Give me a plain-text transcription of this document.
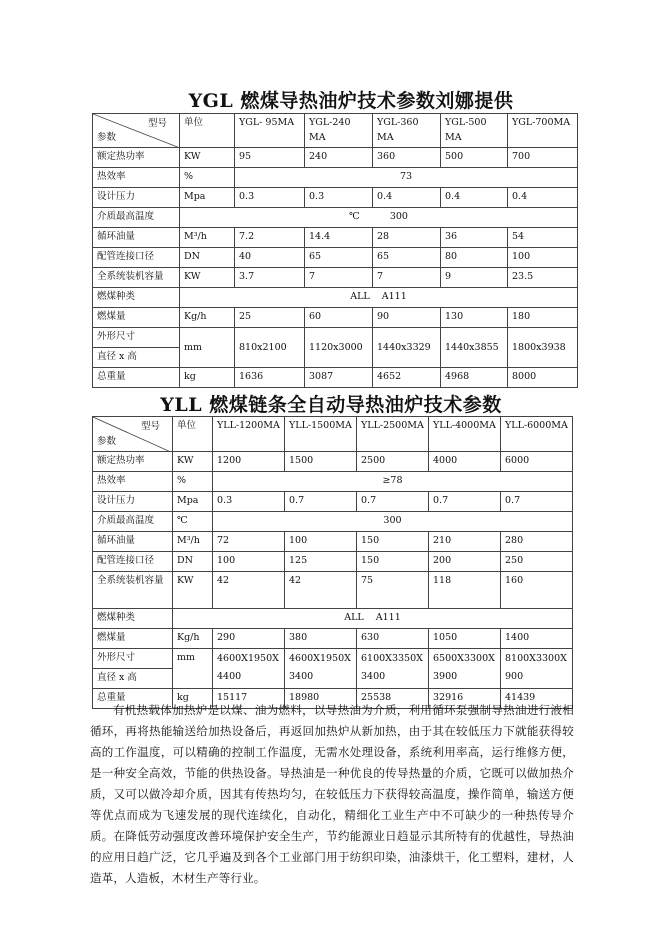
YGL 燃煤导热油炉技术参数刘娜提供
型号
参数	单位	YGL- 95MA	YGL-240 MA	YGL-360 MA	YGL-500 MA	YGL-700MA
额定热功率	KW	95	240	360	500	700
热效率	%	73				
设计压力	Mpa	0.3	0.3	0.4	0.4	0.4
介质最高温度	℃          300					
循环油量	M³/h	7.2	14.4	28	36	54
配管连接口径	DN	40	65	65	80	100
全系统装机容量	KW	3.7	7	7	9	23.5
燃煤种类	ALL    A111					
燃煤量	Kg/h	25	60	90	130	180
外形尺寸	mm	810x2100	1120x3000	1440x3329	1440x3855	1800x3938
直径 x 高						
总重量	kg	1636	3087	4652	4968	8000
YLL 燃煤链条全自动导热油炉技术参数
型号
参数	单位	YLL-1200MA	YLL-1500MA	YLL-2500MA	YLL-4000MA	YLL-6000MA
额定热功率	KW	1200	1500	2500	4000	6000
热效率	%	≥78				
设计压力	Mpa	0.3	0.7	0.7	0.7	0.7
介质最高温度	℃	300				
循环油量	M³/h	72	100	150	210	280
配管连接口径	DN	100	125	150	200	250
全系统装机容量	KW	42	42	75	118	160
燃煤种类	ALL    A111					
燃煤量	Kg/h	290	380	630	1050	1400
外形尺寸	mm	4600X1950X 4400	4600X1950X 3400	6100X3350X 3400	6500X3300X 3900	8100X3300X 900
直径 x 高						
总重量	kg	15117	18980	25538	32916	41439

有机热载体加热炉是以煤、油为燃料，以导热油为介质，利用循环泵强制导热油进行液相循环，再将热能输送给加热设备后，再返回加热炉从新加热，由于其在较低压力下就能获得较高的工作温度，可以精确的控制工作温度，无需水处理设备，系统利用率高，运行维修方便，是一种安全高效，节能的供热设备。导热油是一种优良的传导热量的介质，它既可以做加热介质，又可以做冷却介质，因其有传热均匀，在较低压力下获得较高温度，操作简单，输送方便等优点而成为飞速发展的现代连续化，自动化，精细化工业生产中不可缺少的一种热传导介质。在降低劳动强度改善环境保护安全生产，节约能源业日趋显示其所特有的优越性，导热油的应用日趋广泛，它几乎遍及到各个工业部门用于纺织印染，油漆烘干，化工塑料，建材，人造革，人造板，木材生产等行业。
